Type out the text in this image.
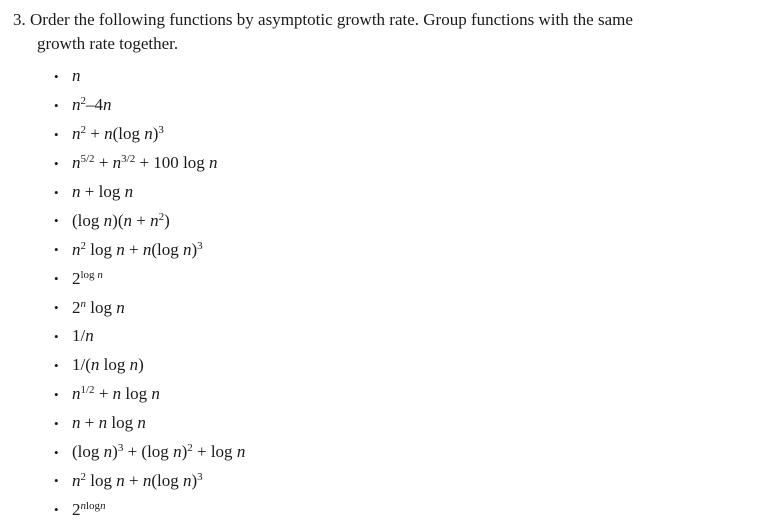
3. Order the following functions by asymptotic growth rate. Group functions with the same
growth rate together.
• n
• $n^2-4n$
• $n^2 + n(\log$ n)$^3$
• $n^{5/2} + n^{3/2} + 100$ log n
• n + log n
• (log $n)(n + n^2)$
• $n^2$ log n + n(log n)$^3$
• $2^{log n}$
• 2$^n$ log n
• 1/n
• 1/(n log n)
• $n^{1/2} + n$ log n
• n + n log n
• (log n)$^3$ + (log n)$^2$ + log n
• $n^2$ log n + n(log n)$^3$
• $2^{nlogn}$
